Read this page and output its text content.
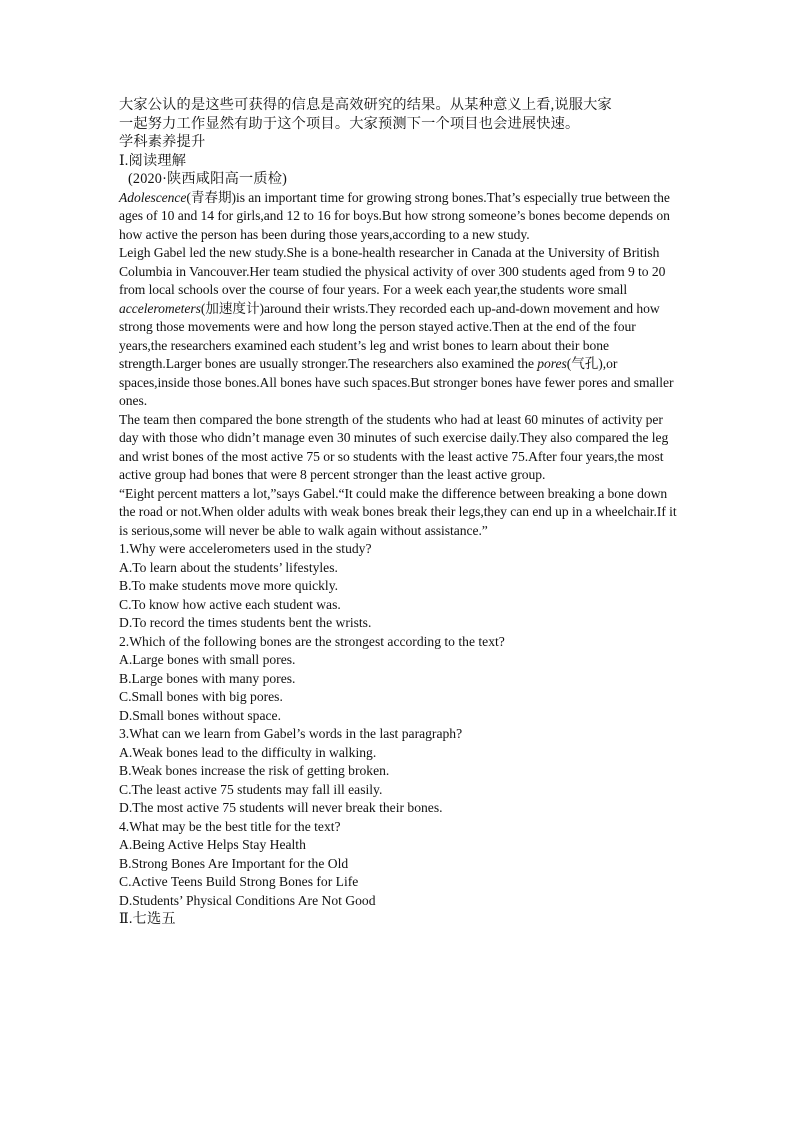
大家公认的是这些可获得的信息是高效研究的结果。从某种意义上看,说服大家

一起努力工作显然有助于这个项目。大家预测下一个项目也会进展快速。

学科素养提升

Ⅰ.阅读理解

(2020·陕西咸阳高一质检)

Adolescence(青春期)is an important time for growing strong bones.That’s especially true between the ages of 10 and 14 for girls,and 12 to 16 for boys.But how strong someone’s bones become depends on how active the person has been during those years,according to a new study.

Leigh Gabel led the new study.She is a bone-health researcher in Canada at the University of British Columbia in Vancouver.Her team studied the physical activity of over 300 students aged from 9 to 20 from local schools over the course of four years. For a week each year,the students wore small accelerometers(加速度计)around their wrists.They recorded each up-and-down movement and how strong those movements were and how long the person stayed active.Then at the end of the four years,the researchers examined each student’s leg and wrist bones to learn about their bone strength.Larger bones are usually stronger.The researchers also examined the pores(气孔),or spaces,inside those bones.All bones have such spaces.But stronger bones have fewer pores and smaller ones.

The team then compared the bone strength of the students who had at least 60 minutes of activity per day with those who didn’t manage even 30 minutes of such exercise daily.They also compared the leg and wrist bones of the most active 75 or so students with the least active 75.After four years,the most active group had bones that were 8 percent stronger than the least active group.

“Eight percent matters a lot,”says Gabel.“It could make the difference between breaking a bone down the road or not.When older adults with weak bones break their legs,they can end up in a wheelchair.If it is serious,some will never be able to walk again without assistance.”

1.Why were accelerometers used in the study?

A.To learn about the students’ lifestyles.

B.To make students move more quickly.

C.To know how active each student was.

D.To record the times students bent the wrists.

2.Which of the following bones are the strongest according to the text?

A.Large bones with small pores.

B.Large bones with many pores.

C.Small bones with big pores.

D.Small bones without space.

3.What can we learn from Gabel’s words in the last paragraph?

A.Weak bones lead to the difficulty in walking.

B.Weak bones increase the risk of getting broken.

C.The least active 75 students may fall ill easily.

D.The most active 75 students will never break their bones.

4.What may be the best title for the text?

A.Being Active Helps Stay Health

B.Strong Bones Are Important for the Old

C.Active Teens Build Strong Bones for Life

D.Students’ Physical Conditions Are Not Good

Ⅱ.七选五
